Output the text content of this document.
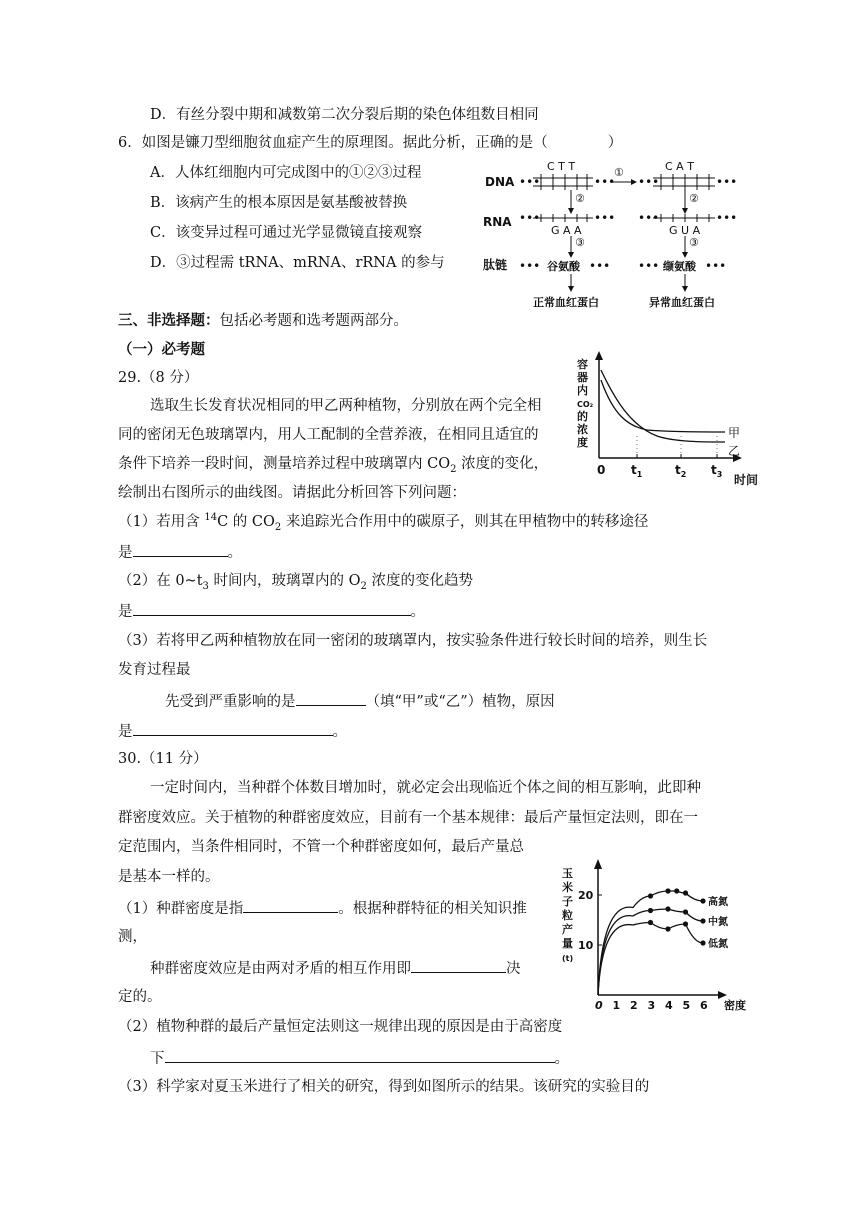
D．有丝分裂中期和减数第二次分裂后期的染色体组数目相同
6．如图是镰刀型细胞贫血症产生的原理图。据此分析，正确的是（	）
A．人体红细胞内可完成图中的①②③过程
B．该病产生的根本原因是氨基酸被替换
C．该变异过程可通过光学显微镜直接观察
D．③过程需 tRNA、mRNA、rRNA 的参与
DNA
RNA
肽链
•••	•••
C T T	①
•••	•••
C A T
②
•••	•••
G A A
③
••• 谷氨酸 •••
正常血红蛋白
②
•••	•••
G U A
③
••• 缬氨酸 •••
异常血红蛋白
三、非选择题：包括必考题和选考题两部分。
（一）必考题
29.（8 分）
选取生长发育状况相同的甲乙两种植物，分别放在两个完全相
同的密闭无色玻璃罩内，用人工配制的全营养液，在相同且适宜的
条件下培养一段时间，测量培养过程中玻璃罩内 $CO_2$ 浓度的变化，
绘制出右图所示的曲线图。请据此分析回答下列问题：
（1）若用含 $^{14}$C 的 $CO_2$ 来追踪光合作用中的碳原子，则其在甲植物中的转移途径
是	。
（2）在 $0\sim t_3$ 时间内，玻璃罩内的 $O_2$ 浓度的变化趋势
是	。
（3）若将甲乙两种植物放在同一密闭的玻璃罩内，按实验条件进行较长时间的培养，则生长
发育过程最
先受到严重影响的是	（填“甲”或“乙”）植物，原因
是	。
容
器
内
CO₂
的
浓
度
0 $t_1$	$t_2$ $t_3$ 时间
甲
乙
30.（11 分）
一定时间内，当种群个体数目增加时，就必定会出现临近个体之间的相互影响，此即种
群密度效应。关于植物的种群密度效应，目前有一个基本规律：最后产量恒定法则，即在一
定范围内，当条件相同时，不管一个种群密度如何，最后产量总
是基本一样的。
（1）种群密度是指	。根据种群特征的相关知识推
测，
种群密度效应是由两对矛盾的相互作用即	决
定的。
（2）植物种群的最后产量恒定法则这一规律出现的原因是由于高密度
下	。
（3）科学家对夏玉米进行了相关的研究，得到如图所示的结果。该研究的实验目的
玉
米
子
粒
产
量
(t)
10
20
0 1 2 3 4 5 6
高氮
中氮
低氮
密度
